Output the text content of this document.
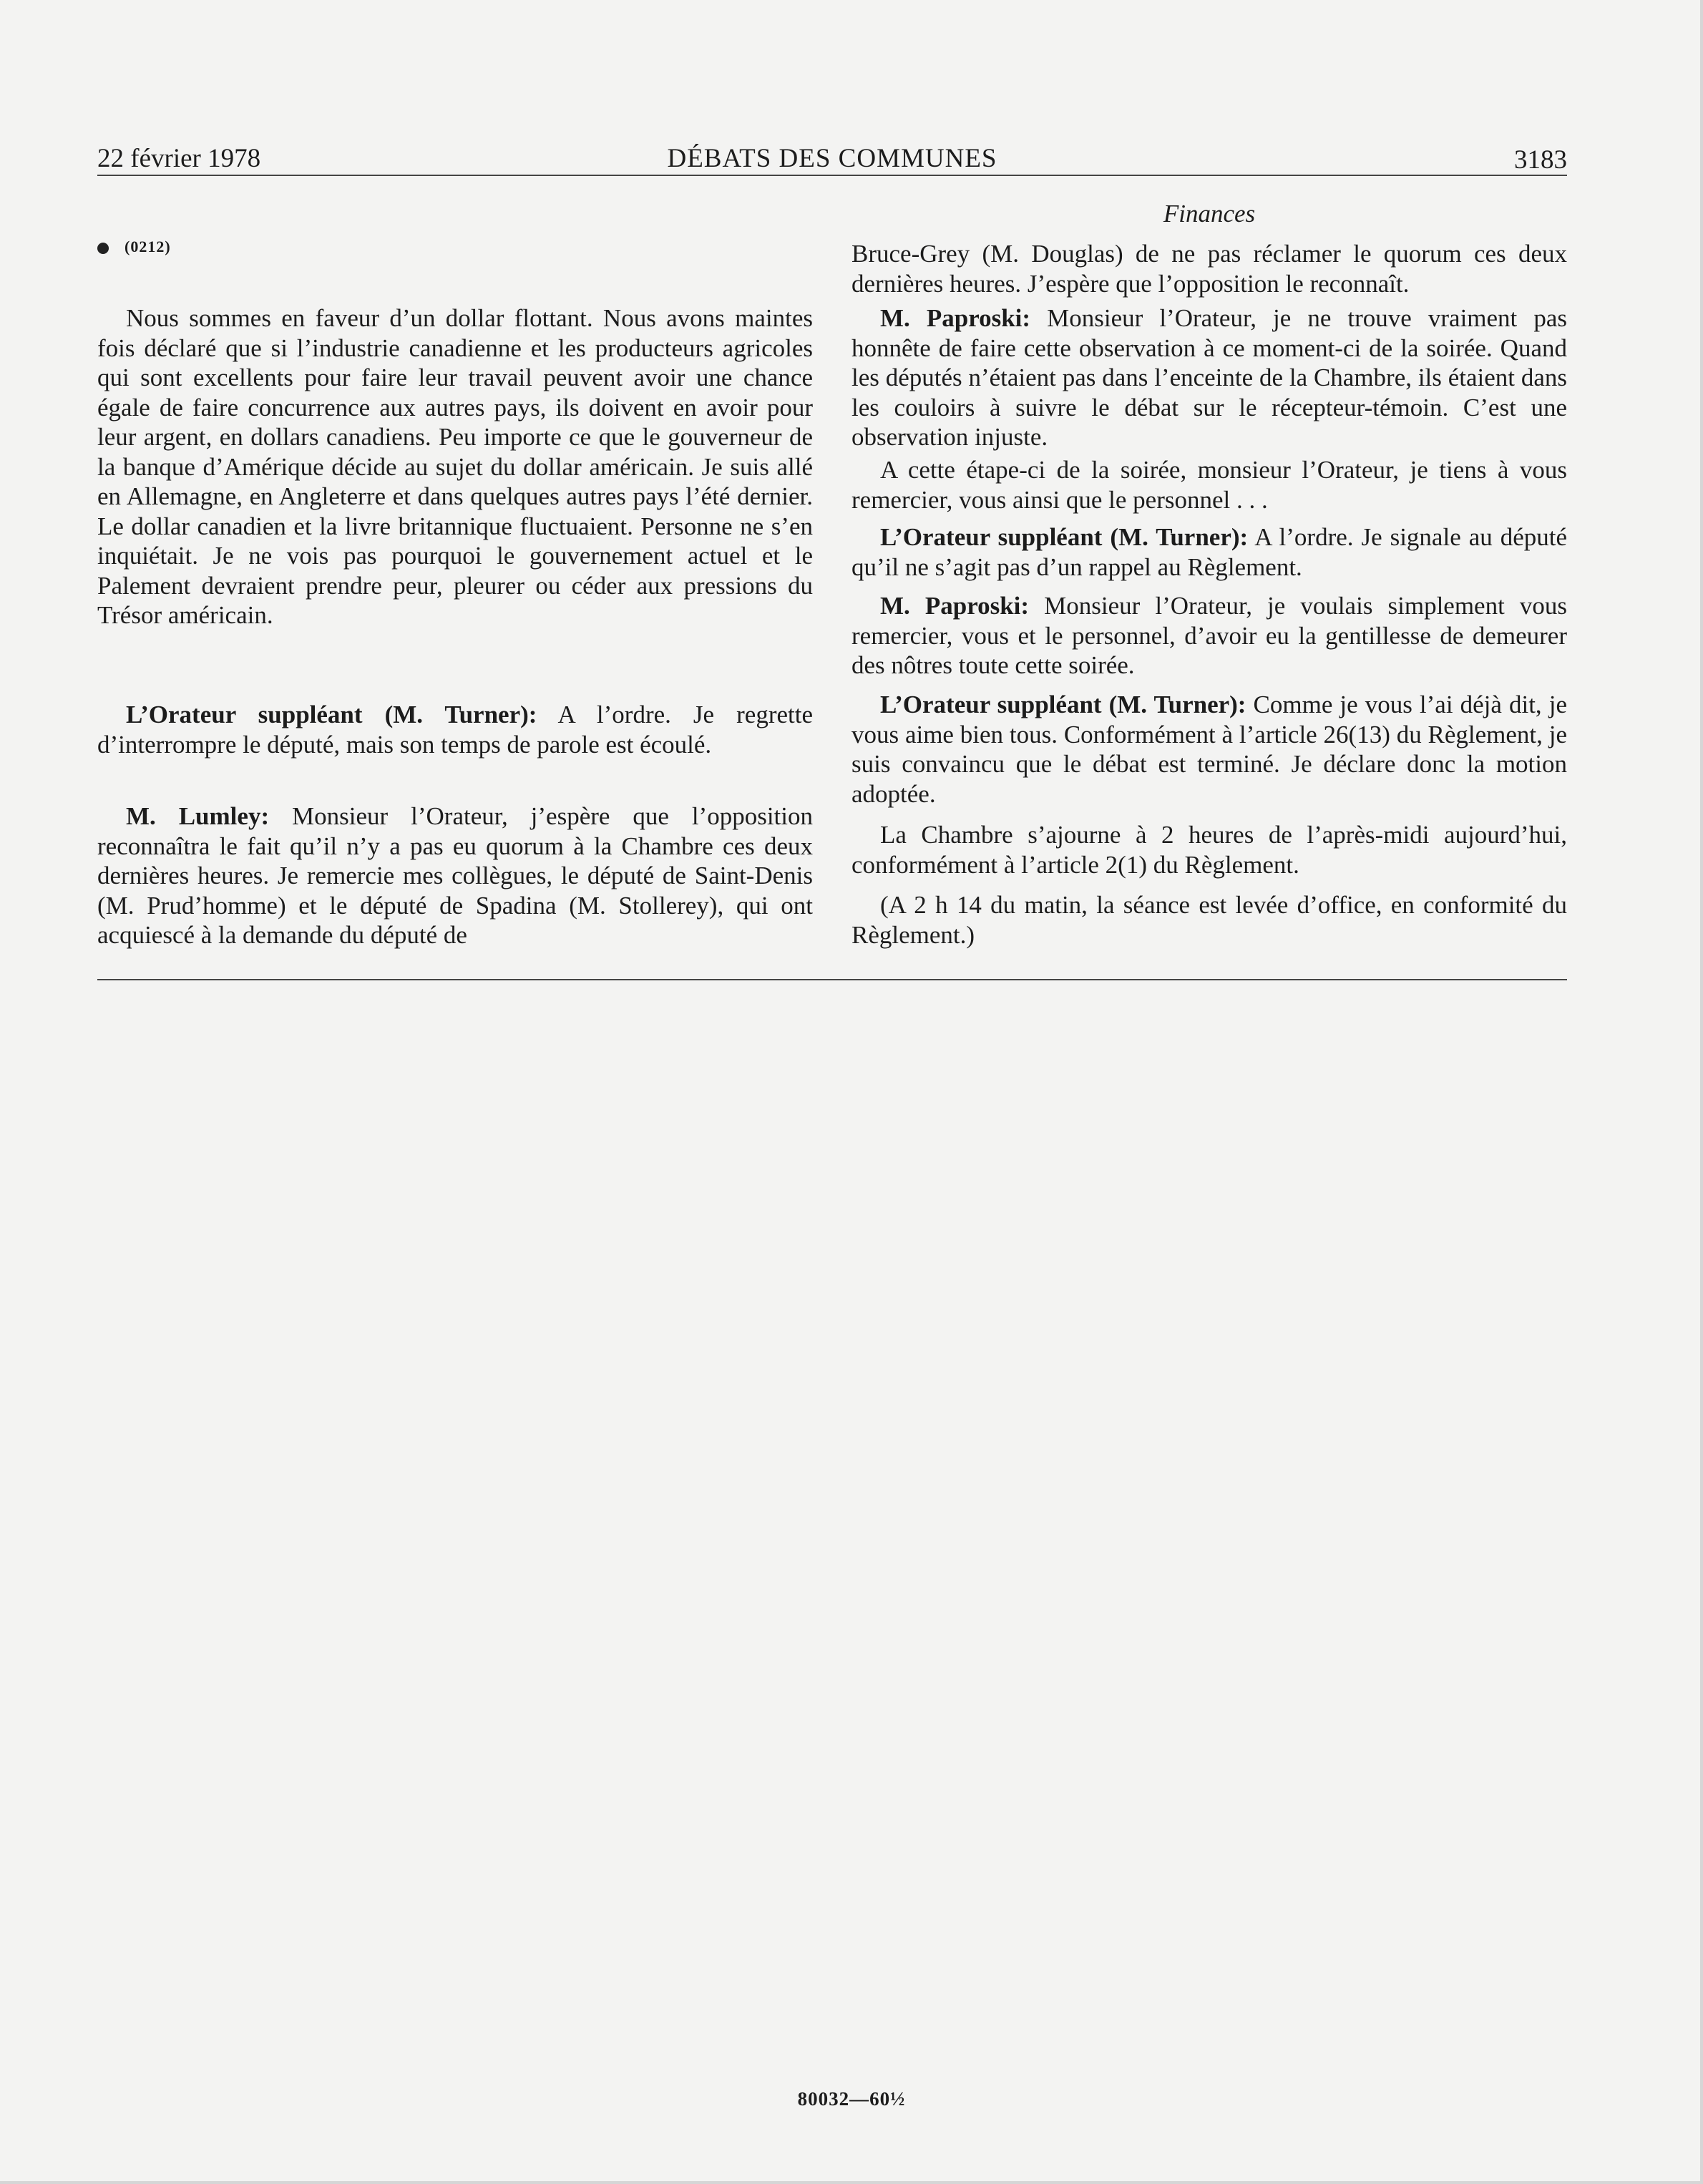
22 février 1978	DÉBATS DES COMMUNES	3183
(0212)
Finances

Nous sommes en faveur d’un dollar flottant. Nous avons maintes fois déclaré que si l’industrie canadienne et les producteurs agricoles qui sont excellents pour faire leur travail peuvent avoir une chance égale de faire concurrence aux autres pays, ils doivent en avoir pour leur argent, en dollars canadiens. Peu importe ce que le gouverneur de la banque d’Amérique décide au sujet du dollar américain. Je suis allé en Allemagne, en Angleterre et dans quelques autres pays l’été dernier. Le dollar canadien et la livre britannique fluctuaient. Personne ne s’en inquiétait. Je ne vois pas pourquoi le gouvernement actuel et le Palement devraient prendre peur, pleurer ou céder aux pressions du Trésor américain.

L’Orateur suppléant (M. Turner): A l’ordre. Je regrette d’interrompre le député, mais son temps de parole est écoulé.

M. Lumley: Monsieur l’Orateur, j’espère que l’opposition reconnaîtra le fait qu’il n’y a pas eu quorum à la Chambre ces deux dernières heures. Je remercie mes collègues, le député de Saint-Denis (M. Prud’homme) et le député de Spadina (M. Stollerey), qui ont acquiescé à la demande du député de

Bruce-Grey (M. Douglas) de ne pas réclamer le quorum ces deux dernières heures. J’espère que l’opposition le reconnaît.

M. Paproski: Monsieur l’Orateur, je ne trouve vraiment pas honnête de faire cette observation à ce moment-ci de la soirée. Quand les députés n’étaient pas dans l’enceinte de la Chambre, ils étaient dans les couloirs à suivre le débat sur le récepteur-témoin. C’est une observation injuste.

A cette étape-ci de la soirée, monsieur l’Orateur, je tiens à vous remercier, vous ainsi que le personnel . . .

L’Orateur suppléant (M. Turner): A l’ordre. Je signale au député qu’il ne s’agit pas d’un rappel au Règlement.

M. Paproski: Monsieur l’Orateur, je voulais simplement vous remercier, vous et le personnel, d’avoir eu la gentillesse de demeurer des nôtres toute cette soirée.

L’Orateur suppléant (M. Turner): Comme je vous l’ai déjà dit, je vous aime bien tous. Conformément à l’article 26(13) du Règlement, je suis convaincu que le débat est terminé. Je déclare donc la motion adoptée.

La Chambre s’ajourne à 2 heures de l’après-midi aujourd’hui, conformément à l’article 2(1) du Règlement.

(A 2 h 14 du matin, la séance est levée d’office, en conformité du Règlement.)

80032—60½
